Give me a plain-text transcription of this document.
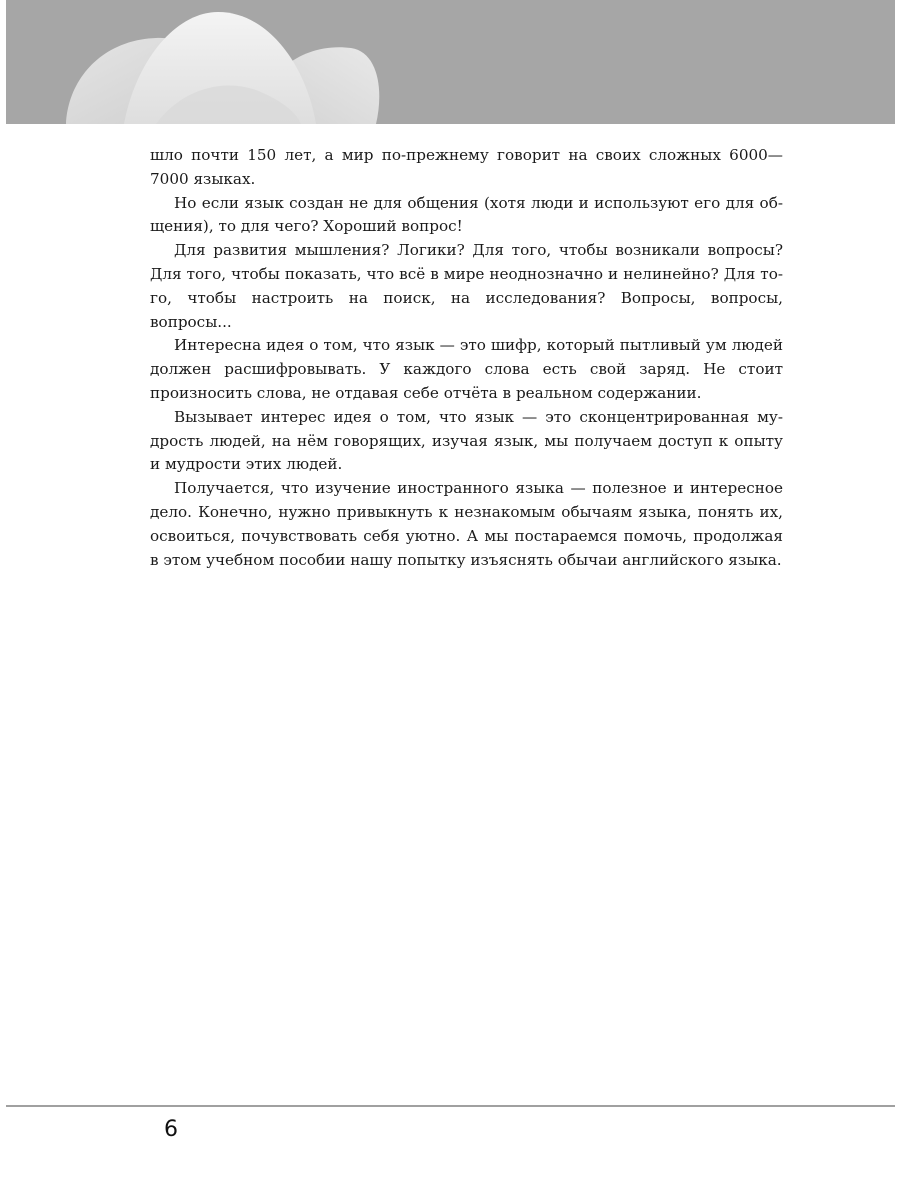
шло почти 150 лет, а мир по-прежнему говорит на своих сложных 6000—7000 языках.

Но если язык создан не для общения (хотя люди и используют его для общения), то для чего? Хороший вопрос!

Для развития мышления? Логики? Для того, чтобы возникали вопросы? Для того, чтобы показать, что всё в мире неоднозначно и нелинейно? Для того, чтобы настроить на поиск, на исследования? Вопросы, вопросы, вопросы...

Интересна идея о том, что язык — это шифр, который пытливый ум людей должен расшифровывать. У каждого слова есть свой заряд. Не стоит произносить слова, не отдавая себе отчёта в реальном содержании.

Вызывает интерес идея о том, что язык — это сконцентрированная мудрость людей, на нём говорящих, изучая язык, мы получаем доступ к опыту и мудрости этих людей.

Получается, что изучение иностранного языка — полезное и интересное дело. Конечно, нужно привыкнуть к незнакомым обычаям языка, понять их, освоиться, почувствовать себя уютно. А мы постараемся помочь, продолжая в этом учебном пособии нашу попытку изъяснять обычаи английского языка.

6
